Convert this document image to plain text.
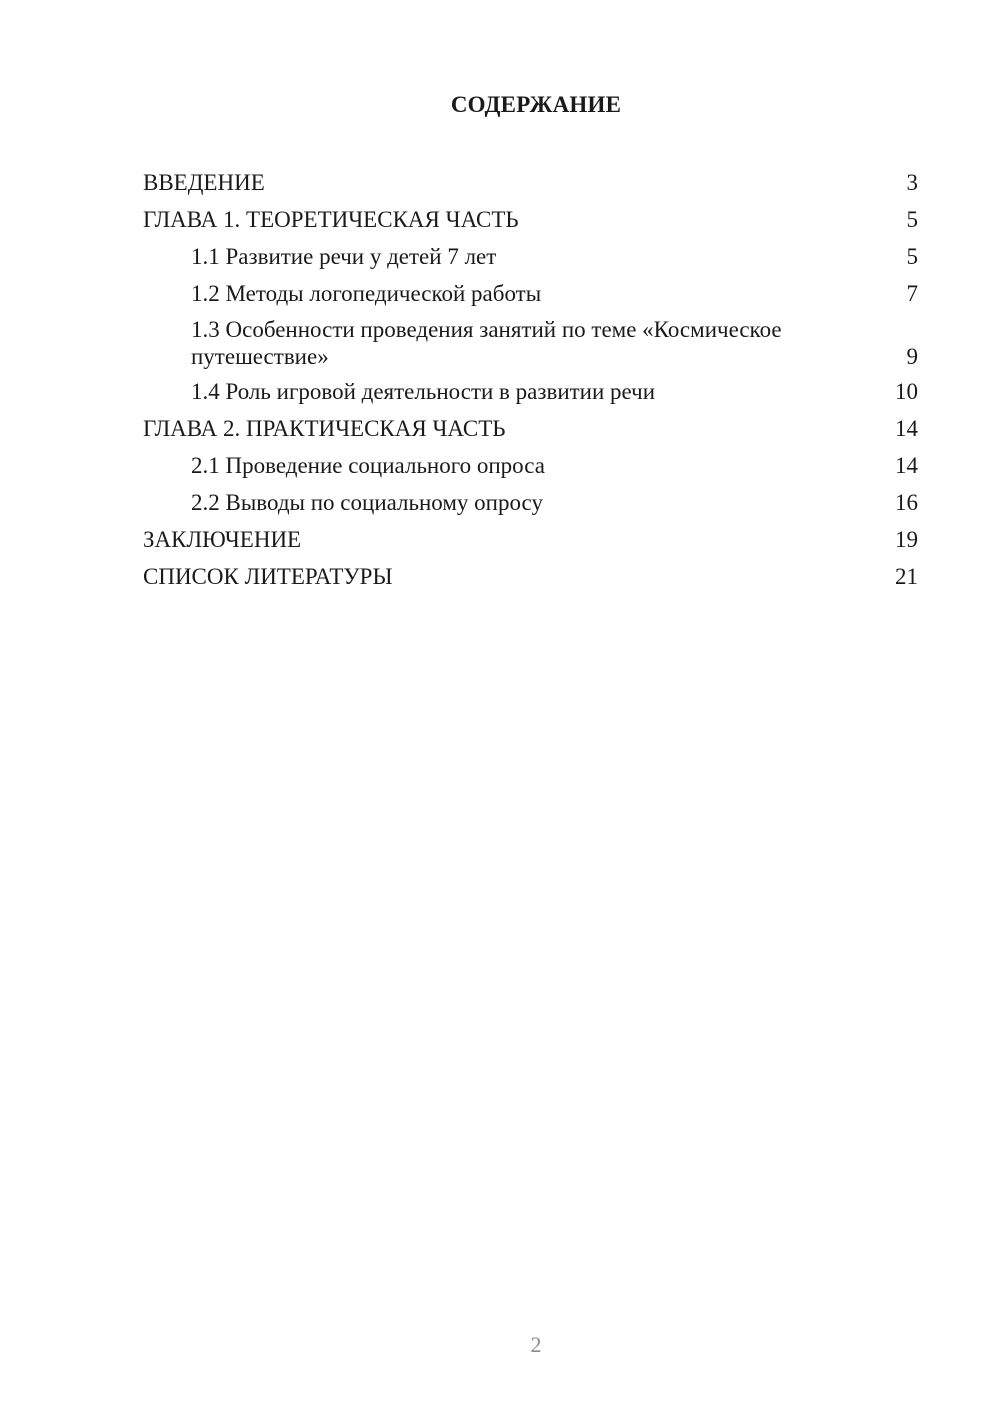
СОДЕРЖАНИЕ
ВВЕДЕНИЕ	3
ГЛАВА 1. ТЕОРЕТИЧЕСКАЯ ЧАСТЬ	5
1.1 Развитие речи у детей 7 лет	5
1.2 Методы логопедической работы	7
1.3 Особенности проведения занятий по теме «Космическое путешествие»	9
1.4 Роль игровой деятельности в развитии речи	10
ГЛАВА 2. ПРАКТИЧЕСКАЯ ЧАСТЬ	14
2.1 Проведение социального опроса	14
2.2 Выводы по социальному опросу	16
ЗАКЛЮЧЕНИЕ	19
СПИСОК ЛИТЕРАТУРЫ	21
2
